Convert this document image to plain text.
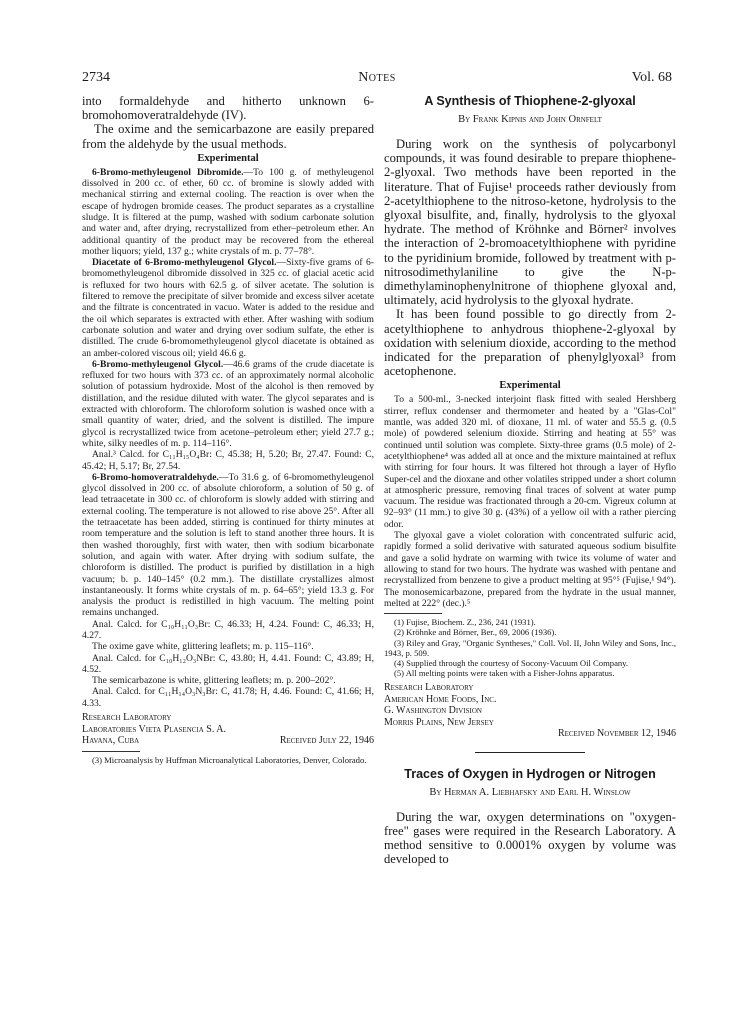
2734	Notes	Vol. 68

into formaldehyde and hitherto unknown 6-bromohomoveratraldehyde (IV).

The oxime and the semicarbazone are easily prepared from the aldehyde by the usual methods.

Experimental

6-Bromo-methyleugenol Dibromide.—To 100 g. of methyleugenol dissolved in 200 cc. of ether, 60 cc. of bromine is slowly added with mechanical stirring and external cooling. The reaction is over when the escape of hydrogen bromide ceases. The product separates as a crystalline sludge. It is filtered at the pump, washed with sodium carbonate solution and water and, after drying, recrystallized from ether–petroleum ether. An additional quantity of the product may be recovered from the ethereal mother liquors; yield, 137 g.; white crystals of m. p. 77–78°.

Diacetate of 6-Bromo-methyleugenol Glycol.—Sixty-five grams of 6-bromomethyleugenol dibromide dissolved in 325 cc. of glacial acetic acid is refluxed for two hours with 62.5 g. of silver acetate. The solution is filtered to remove the precipitate of silver bromide and excess silver acetate and the filtrate is concentrated in vacuo. Water is added to the residue and the oil which separates is extracted with ether. After washing with sodium carbonate solution and water and drying over sodium sulfate, the ether is distilled. The crude 6-bromomethyleugenol glycol diacetate is obtained as an amber-colored viscous oil; yield 46.6 g.

6-Bromo-methyleugenol Glycol.—46.6 grams of the crude diacetate is refluxed for two hours with 373 cc. of an approximately normal alcoholic solution of potassium hydroxide. Most of the alcohol is then removed by distillation, and the residue diluted with water. The glycol separates and is extracted with chloroform. The chloroform solution is washed once with a small quantity of water, dried, and the solvent is distilled. The impure glycol is recrystallized twice from acetone–petroleum ether; yield 27.7 g.; white, silky needles of m. p. 114–116°.

Anal.³ Calcd. for C₁₁H₁₅O₄Br: C, 45.38; H, 5.20; Br, 27.47. Found: C, 45.42; H, 5.17; Br, 27.54.

6-Bromo-homoveratraldehyde.—To 31.6 g. of 6-bromomethyleugenol glycol dissolved in 200 cc. of absolute chloroform, a solution of 50 g. of lead tetraacetate in 300 cc. of chloroform is slowly added with stirring and external cooling. The temperature is not allowed to rise above 25°. After all the tetraacetate has been added, stirring is continued for thirty minutes at room temperature and the solution is left to stand another three hours. It is then washed thoroughly, first with water, then with sodium bicarbonate solution, and again with water. After drying with sodium sulfate, the chloroform is distilled. The product is purified by distillation in a high vacuum; b. p. 140–145° (0.2 mm.). The distillate crystallizes almost instantaneously. It forms white crystals of m. p. 64–65°; yield 13.3 g. For analysis the product is redistilled in high vacuum. The melting point remains unchanged.

Anal. Calcd. for C₁₀H₁₁O₃Br: C, 46.33; H, 4.24. Found: C, 46.33; H, 4.27.

The oxime gave white, glittering leaflets; m. p. 115–116°.

Anal. Calcd. for C₁₀H₁₂O₃NBr: C, 43.80; H, 4.41. Found: C, 43.89; H, 4.52.

The semicarbazone is white, glittering leaflets; m. p. 200–202°.

Anal. Calcd. for C₁₁H₁₄O₃N₃Br: C, 41.78; H, 4.46. Found: C, 41.66; H, 4.33.

Research Laboratory
Laboratories Vieta Plasencia S. A.
Havana, Cuba	Received July 22, 1946

(3) Microanalysis by Huffman Microanalytical Laboratories, Denver, Colorado.

A Synthesis of Thiophene-2-glyoxal
By Frank Kipnis and John Ornfelt

During work on the synthesis of polycarbonyl compounds, it was found desirable to prepare thiophene-2-glyoxal. Two methods have been reported in the literature. That of Fujise¹ proceeds rather deviously from 2-acetylthiophene to the nitroso-ketone, hydrolysis to the glyoxal bisulfite, and, finally, hydrolysis to the glyoxal hydrate. The method of Kröhnke and Börner² involves the interaction of 2-bromoacetylthiophene with pyridine to the pyridinium bromide, followed by treatment with p-nitrosodimethylaniline to give the N-p-dimethylaminophenylnitrone of thiophene glyoxal and, ultimately, acid hydrolysis to the glyoxal hydrate.

It has been found possible to go directly from 2-acetylthiophene to anhydrous thiophene-2-glyoxal by oxidation with selenium dioxide, according to the method indicated for the preparation of phenylglyoxal³ from acetophenone.

Experimental

To a 500-ml., 3-necked interjoint flask fitted with sealed Hershberg stirrer, reflux condenser and thermometer and heated by a "Glas-Col" mantle, was added 320 ml. of dioxane, 11 ml. of water and 55.5 g. (0.5 mole) of powdered selenium dioxide. Stirring and heating at 55° was continued until solution was complete. Sixty-three grams (0.5 mole) of 2-acetylthiophene⁴ was added all at once and the mixture maintained at reflux with stirring for four hours. It was filtered hot through a layer of Hyflo Super-cel and the dioxane and other volatiles stripped under a short column at atmospheric pressure, removing final traces of solvent at water pump vacuum. The residue was fractionated through a 20-cm. Vigreux column at 92–93° (11 mm.) to give 30 g. (43%) of a yellow oil with a rather piercing odor.

The glyoxal gave a violet coloration with concentrated sulfuric acid, rapidly formed a solid derivative with saturated aqueous sodium bisulfite and gave a solid hydrate on warming with twice its volume of water and allowing to stand for two hours. The hydrate was washed with pentane and recrystallized from benzene to give a product melting at 95°⁵ (Fujise,¹ 94°). The monosemicarbazone, prepared from the hydrate in the usual manner, melted at 222° (dec.).⁵

(1) Fujise, Biochem. Z., 236, 241 (1931).

(2) Kröhnke and Börner, Ber., 69, 2006 (1936).

(3) Riley and Gray, "Organic Syntheses," Coll. Vol. II, John Wiley and Sons, Inc., 1943, p. 509.

(4) Supplied through the courtesy of Socony-Vacuum Oil Company.

(5) All melting points were taken with a Fisher-Johns apparatus.

Research Laboratory
American Home Foods, Inc.
G. Washington Division
Morris Plains, New Jersey
Received November 12, 1946
Traces of Oxygen in Hydrogen or Nitrogen
By Herman A. Liebhafsky and Earl H. Winslow

During the war, oxygen determinations on "oxygen-free" gases were required in the Research Laboratory. A method sensitive to 0.0001% oxygen by volume was developed to
